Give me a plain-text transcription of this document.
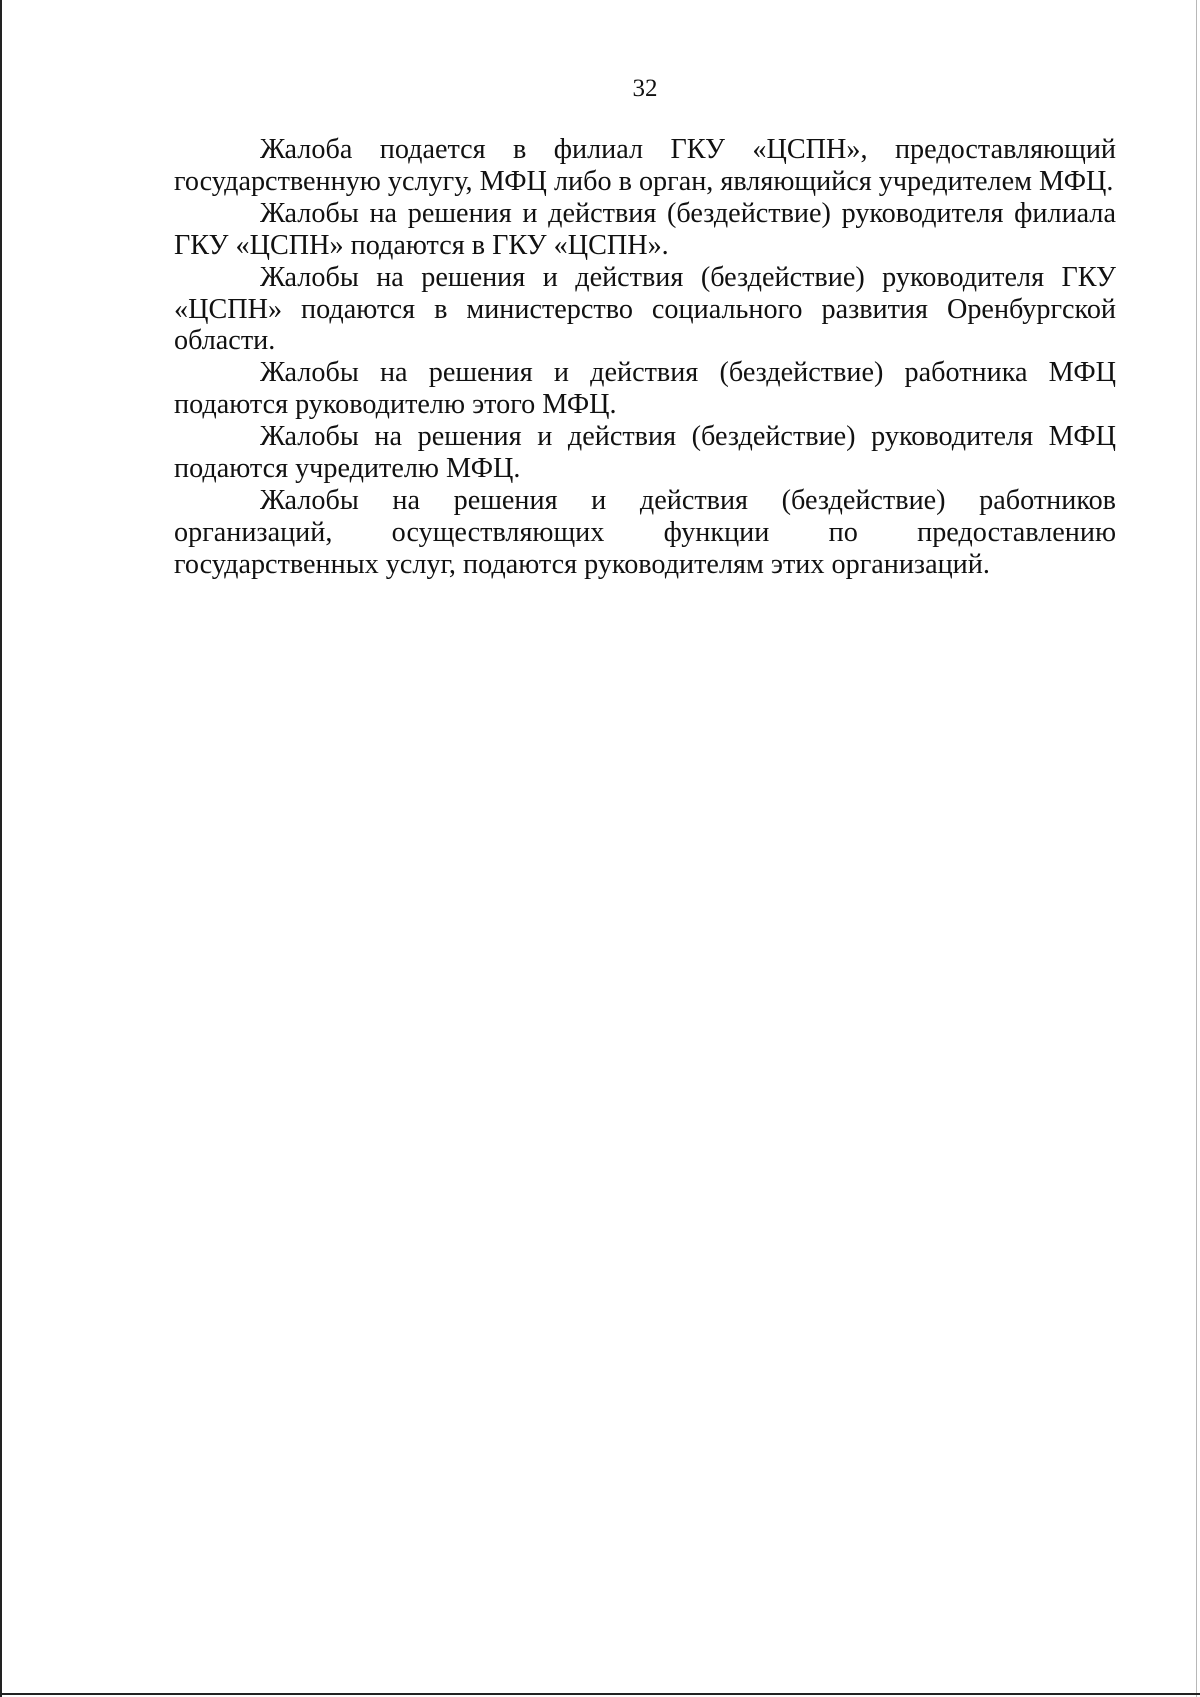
32

Жалоба подается в филиал ГКУ «ЦСПН», предоставляющий государственную услугу, МФЦ либо в орган, являющийся учредителем МФЦ.

Жалобы на решения и действия (бездействие) руководителя филиала ГКУ «ЦСПН» подаются в ГКУ «ЦСПН».

Жалобы на решения и действия (бездействие) руководителя ГКУ «ЦСПН» подаются в министерство социального развития Оренбургской области.

Жалобы на решения и действия (бездействие) работника МФЦ подаются руководителю этого МФЦ.

Жалобы на решения и действия (бездействие) руководителя МФЦ подаются учредителю МФЦ.

Жалобы на решения и действия (бездействие) работников организаций, осуществляющих функции по предоставлению государственных услуг, подаются руководителям этих организаций.
